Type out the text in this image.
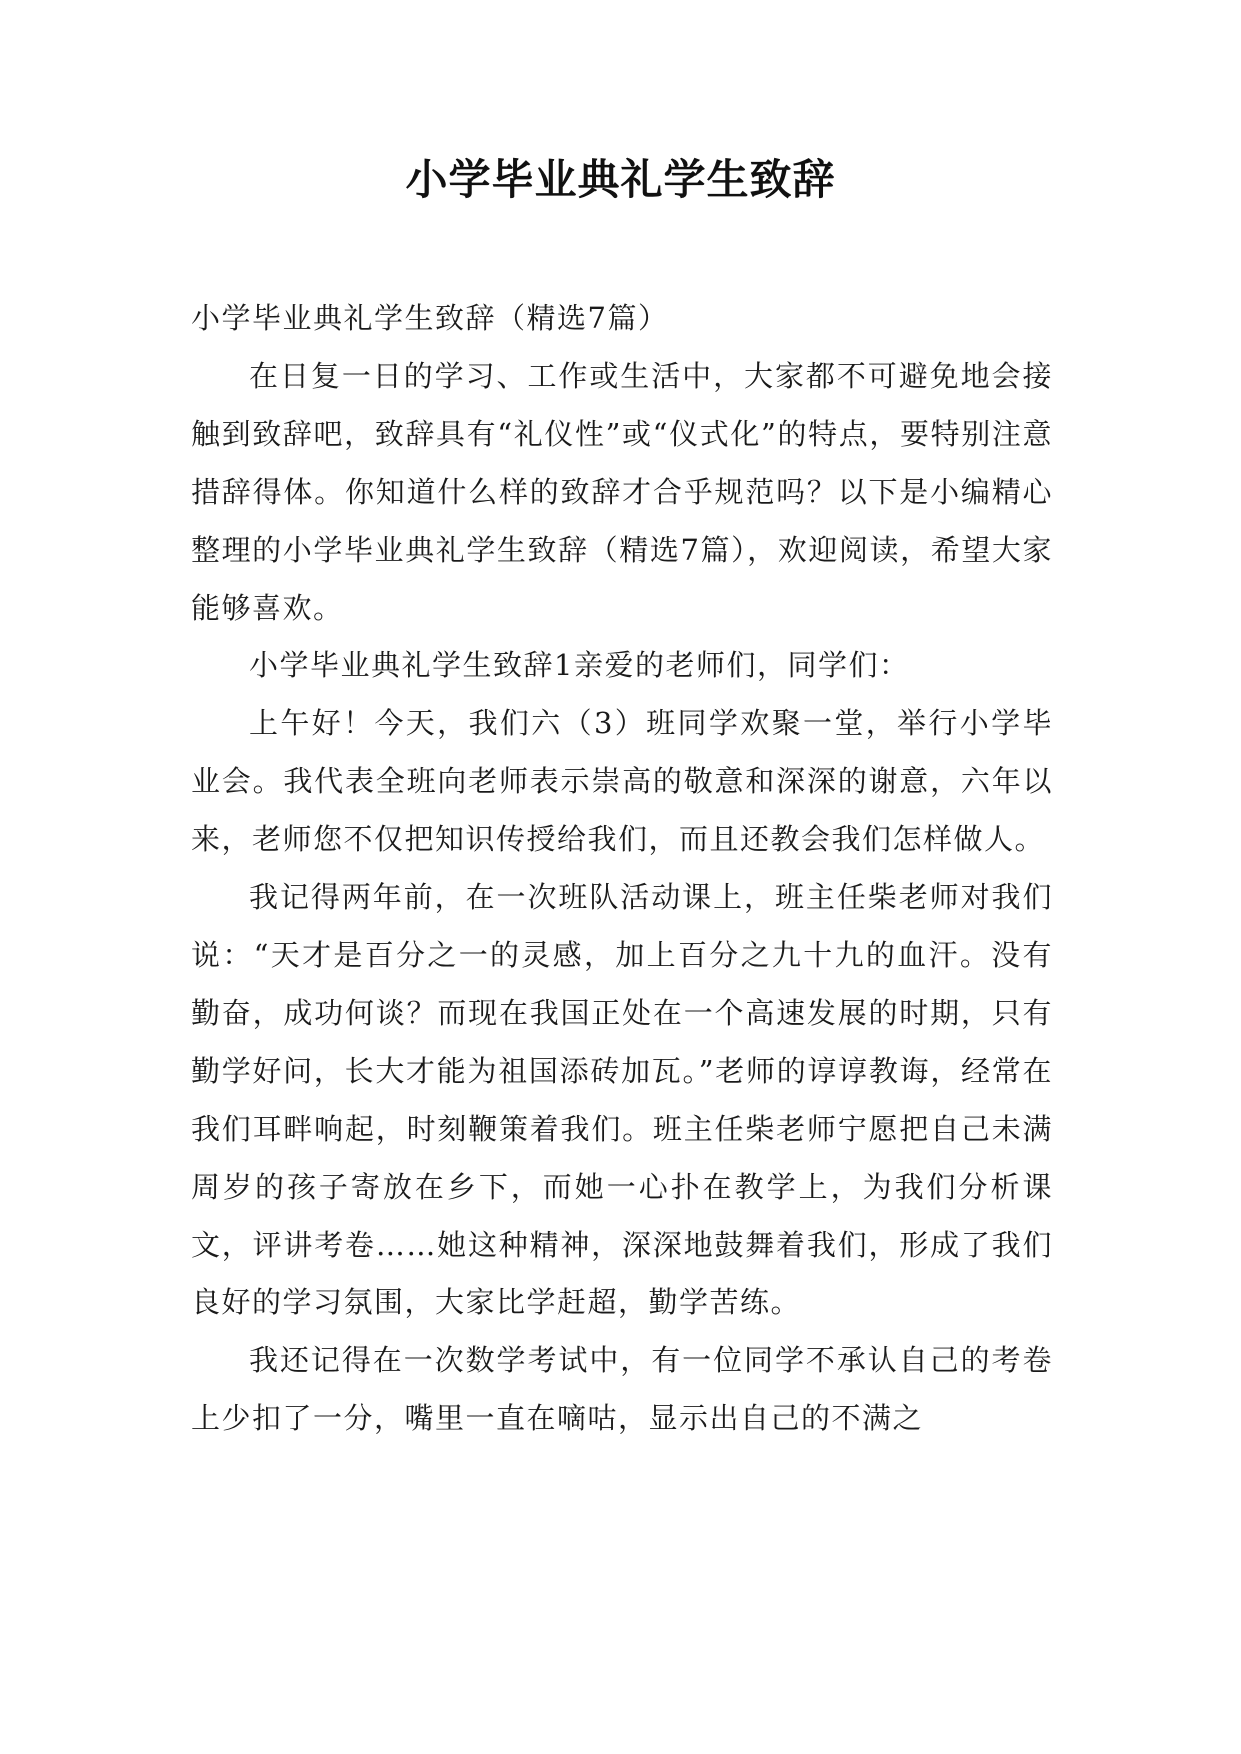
小学毕业典礼学生致辞

小学毕业典礼学生致辞（精选7篇）

在日复一日的学习、工作或生活中，大家都不可避免地会接触到致辞吧，致辞具有“礼仪性”或“仪式化”的特点，要特别注意措辞得体。你知道什么样的致辞才合乎规范吗？以下是小编精心整理的小学毕业典礼学生致辞（精选7篇），欢迎阅读，希望大家能够喜欢。

小学毕业典礼学生致辞1亲爱的老师们，同学们：

上午好！今天，我们六（3）班同学欢聚一堂，举行小学毕业会。我代表全班向老师表示崇高的敬意和深深的谢意，六年以来，老师您不仅把知识传授给我们，而且还教会我们怎样做人。

我记得两年前，在一次班队活动课上，班主任柴老师对我们说：“天才是百分之一的灵感，加上百分之九十九的血汗。没有勤奋，成功何谈？而现在我国正处在一个高速发展的时期，只有勤学好问，长大才能为祖国添砖加瓦。”老师的谆谆教诲，经常在我们耳畔响起，时刻鞭策着我们。班主任柴老师宁愿把自己未满周岁的孩子寄放在乡下，而她一心扑在教学上，为我们分析课文，评讲考卷……她这种精神，深深地鼓舞着我们，形成了我们良好的学习氛围，大家比学赶超，勤学苦练。

我还记得在一次数学考试中，有一位同学不承认自己的考卷上少扣了一分，嘴里一直在嘀咕，显示出自己的不满之
